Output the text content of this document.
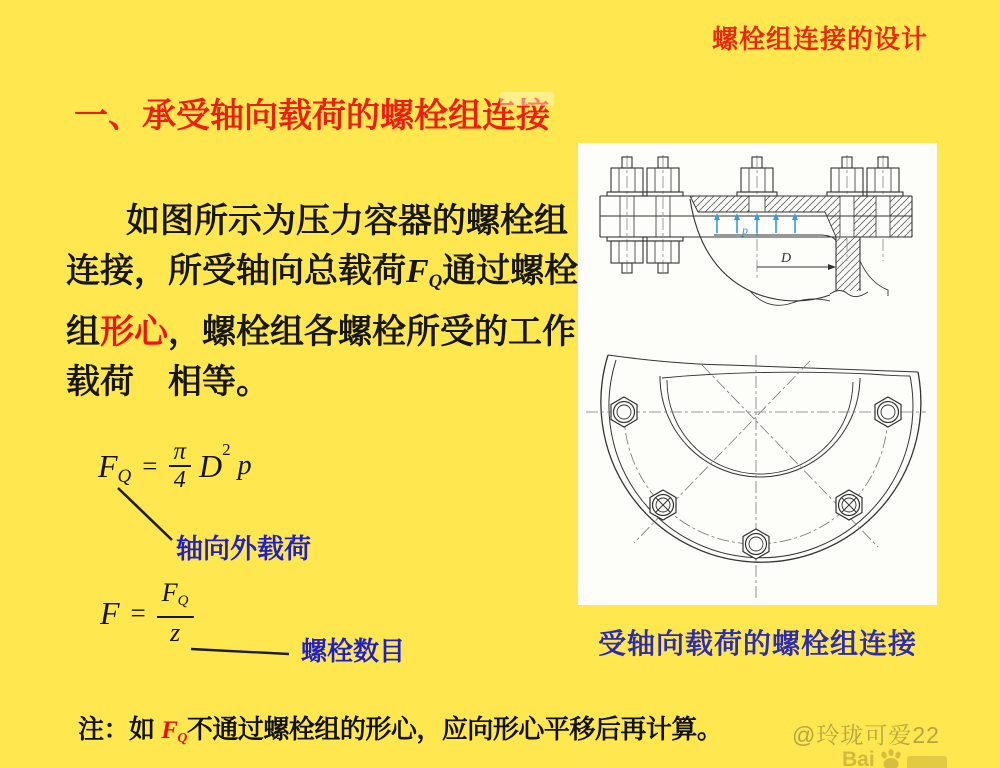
螺栓组连接的设计
一、承受轴向载荷的螺栓组连接
如图所示为压力容器的螺栓组
连接，所受轴向总载荷FQ通过螺栓
组形心，螺栓组各螺栓所受的工作
载荷　相等。
F $Q = \frac{\pi}{4}$ D 2
p
$F = \frac{FQ}{z}$
轴向外载荷
螺栓数目
注：如 FQ不通过螺栓组的形心，应向形心平移后再计算。
p
D
受轴向载荷的螺栓组连接
@玲珑可爱22
Bai
